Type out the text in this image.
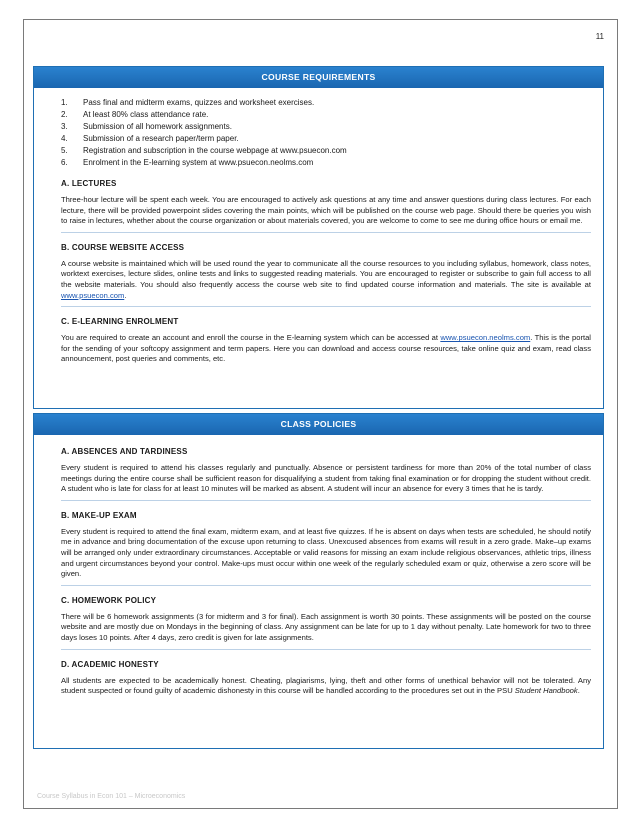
11
COURSE REQUIREMENTS
1.	Pass final and midterm exams, quizzes and worksheet exercises.
2.	At least 80% class attendance rate.
3.	Submission of all homework assignments.
4.	Submission of a research paper/term paper.
5.	Registration and subscription in the course webpage at www.psuecon.com
6.	Enrolment in the E-learning system at www.psuecon.neolms.com
A. LECTURES

Three-hour lecture will be spent each week. You are encouraged to actively ask questions at any time and answer questions during class lectures. For each lecture, there will be provided powerpoint slides covering the main points, which will be published on the course web page. Should there be queries you wish to raise in lectures, whether about the course organization or about materials covered, you are welcome to come to see me during office hours or email me.

B. COURSE WEBSITE ACCESS

A course website is maintained which will be used round the year to communicate all the course resources to you including syllabus, homework, class notes, worktext exercises, lecture slides, online tests and links to suggested reading materials. You are encouraged to register or subscribe to gain full access to all the website materials. You should also frequently access the course web site to find updated course information and materials. The site is available at www.psuecon.com.

C. E-LEARNING ENROLMENT

You are required to create an account and enroll the course in the E-learning system which can be accessed at www.psuecon.neolms.com. This is the portal for the sending of your softcopy assignment and term papers. Here you can download and access course resources, take online quiz and exam, read class announcement, post queries and comments, etc.

CLASS POLICIES
A. ABSENCES AND TARDINESS

Every student is required to attend his classes regularly and punctually. Absence or persistent tardiness for more than 20% of the total number of class meetings during the entire course shall be sufficient reason for disqualifying a student from taking final examination or for dropping the student without credit. A student who is late for class for at least 10 minutes will be marked as absent. A student will incur an absence for every 3 times that he is tardy.

B. MAKE-UP EXAM

Every student is required to attend the final exam, midterm exam, and at least five quizzes. If he is absent on days when tests are scheduled, he should notify me in advance and bring documentation of the excuse upon returning to class. Unexcused absences from exams will result in a zero grade. Make–up exams will be arranged only under extraordinary circumstances. Acceptable or valid reasons for missing an exam include religious observances, athletic trips, illness and urgent circumstances beyond your control. Make-ups must occur within one week of the regularly scheduled exam or quiz, otherwise a zero score will be given.

C. HOMEWORK POLICY

There will be 6 homework assignments (3 for midterm and 3 for final). Each assignment is worth 30 points. These assignments will be posted on the course website and are mostly due on Mondays in the beginning of class. Any assignment can be late for up to 1 day without penalty. Late homework for two to three days loses 10 points. After 4 days, zero credit is given for late assignments.

D. ACADEMIC HONESTY

All students are expected to be academically honest. Cheating, plagiarisms, lying, theft and other forms of unethical behavior will not be tolerated. Any student suspected or found guilty of academic dishonesty in this course will be handled according to the procedures set out in the PSU Student Handbook.

Course Syllabus in Econ 101 – Microeconomics
